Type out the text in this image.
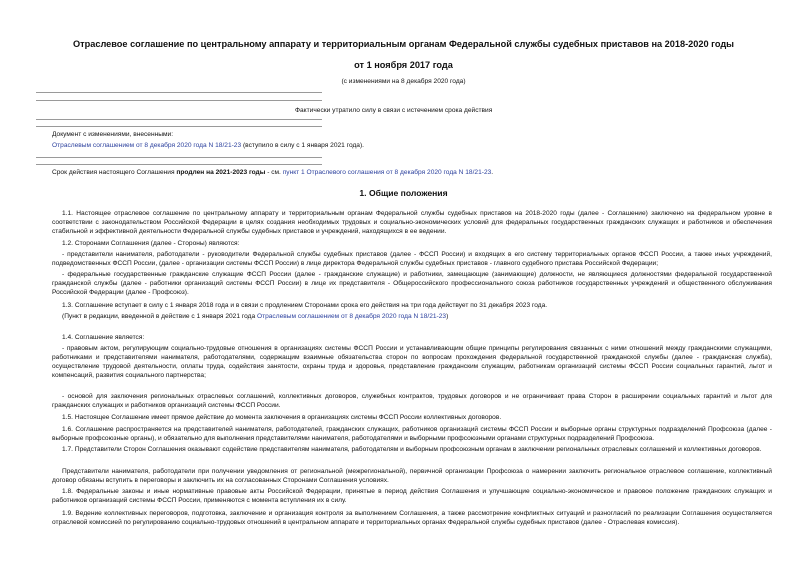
Отраслевое соглашение по центральному аппарату и территориальным органам Федеральной службы судебных приставов на 2018-2020 годы
от 1 ноября 2017 года
(с изменениями на 8 декабря 2020 года)
Фактически утратило силу в связи с истечением срока действия
Документ с изменениями, внесенными:
Отраслевым соглашением от 8 декабря 2020 года N 18/21-23 (вступило в силу с 1 января 2021 года).
Срок действия настоящего Соглашения продлен на 2021-2023 годы - см. пункт 1 Отраслевого соглашения от 8 декабря 2020 года N 18/21-23.
1. Общие положения
1.1. Настоящее отраслевое соглашение по центральному аппарату и территориальным органам Федеральной службы судебных приставов на 2018-2020 годы (далее - Соглашение) заключено на федеральном уровне в соответствии с законодательством Российской Федерации в целях создания необходимых трудовых и социально-экономических условий для федеральных государственных гражданских служащих и работников и обеспечения стабильной и эффективной деятельности Федеральной службы судебных приставов и учреждений, находящихся в ее ведении.
1.2. Сторонами Соглашения (далее - Стороны) являются:
- представители нанимателя, работодатели - руководители Федеральной службы судебных приставов (далее - ФССП России) и входящих в его систему территориальных органов ФССП России, а также иных учреждений, подведомственных ФССП России, (далее - организации системы ФССП России) в лице директора Федеральной службы судебных приставов - главного судебного пристава Российской Федерации;
- федеральные государственные гражданские служащие ФССП России (далее - гражданские служащие) и работники, замещающие (занимающие) должности, не являющиеся должностями федеральной государственной гражданской службы (далее - работники организаций системы ФССП России) в лице их представителя - Общероссийского профессионального союза работников государственных учреждений и общественного обслуживания Российской Федерации (далее - Профсоюз).
1.3. Соглашение вступает в силу с 1 января 2018 года и в связи с продлением Сторонами срока его действия на три года действует по 31 декабря 2023 года.
(Пункт в редакции, введенной в действие с 1 января 2021 года Отраслевым соглашением от 8 декабря 2020 года N 18/21-23)
1.4. Соглашение является:
- правовым актом, регулирующим социально-трудовые отношения в организациях системы ФССП России и устанавливающим общие принципы регулирования связанных с ними отношений между гражданскими служащими, работниками и представителями нанимателя, работодателями, содержащим взаимные обязательства сторон по вопросам прохождения федеральной государственной гражданской службы (далее - гражданская служба), осуществление трудовой деятельности, оплаты труда, содействия занятости, охраны труда и здоровья, представление гражданским служащим, работникам организаций системы ФССП России социальных гарантий, льгот и компенсаций, развития социального партнерства;
- основой для заключения региональных отраслевых соглашений, коллективных договоров, служебных контрактов, трудовых договоров и не ограничивает права Сторон в расширении социальных гарантий и льгот для гражданских служащих и работников организаций системы ФССП России.
1.5. Настоящее Соглашение имеет прямое действие до момента заключения в организациях системы ФССП России коллективных договоров.
1.6. Соглашение распространяется на представителей нанимателя, работодателей, гражданских служащих, работников организаций системы ФССП России и выборные органы структурных подразделений Профсоюза (далее - выборные профсоюзные органы), и обязательно для выполнения представителями нанимателя, работодателями и выборными профсоюзными органами структурных подразделений Профсоюза.
1.7. Представители Сторон Соглашения оказывают содействие представителям нанимателя, работодателям и выборным профсоюзным органам в заключении региональных отраслевых соглашений и коллективных договоров.
Представители нанимателя, работодатели при получении уведомления от региональной (межрегиональной), первичной организации Профсоюза о намерении заключить региональное отраслевое соглашение, коллективный договор обязаны вступить в переговоры и заключить их на согласованных Сторонами Соглашения условиях.
1.8. Федеральные законы и иные нормативные правовые акты Российской Федерации, принятые в период действия Соглашения и улучшающие социально-экономическое и правовое положение гражданских служащих и работников организаций системы ФССП России, применяются с момента вступления их в силу.
1.9. Ведение коллективных переговоров, подготовка, заключение и организация контроля за выполнением Соглашения, а также рассмотрение конфликтных ситуаций и разногласий по реализации Соглашения осуществляется отраслевой комиссией по регулированию социально-трудовых отношений в центральном аппарате и территориальных органах Федеральной службы судебных приставов (далее - Отраслевая комиссия).
